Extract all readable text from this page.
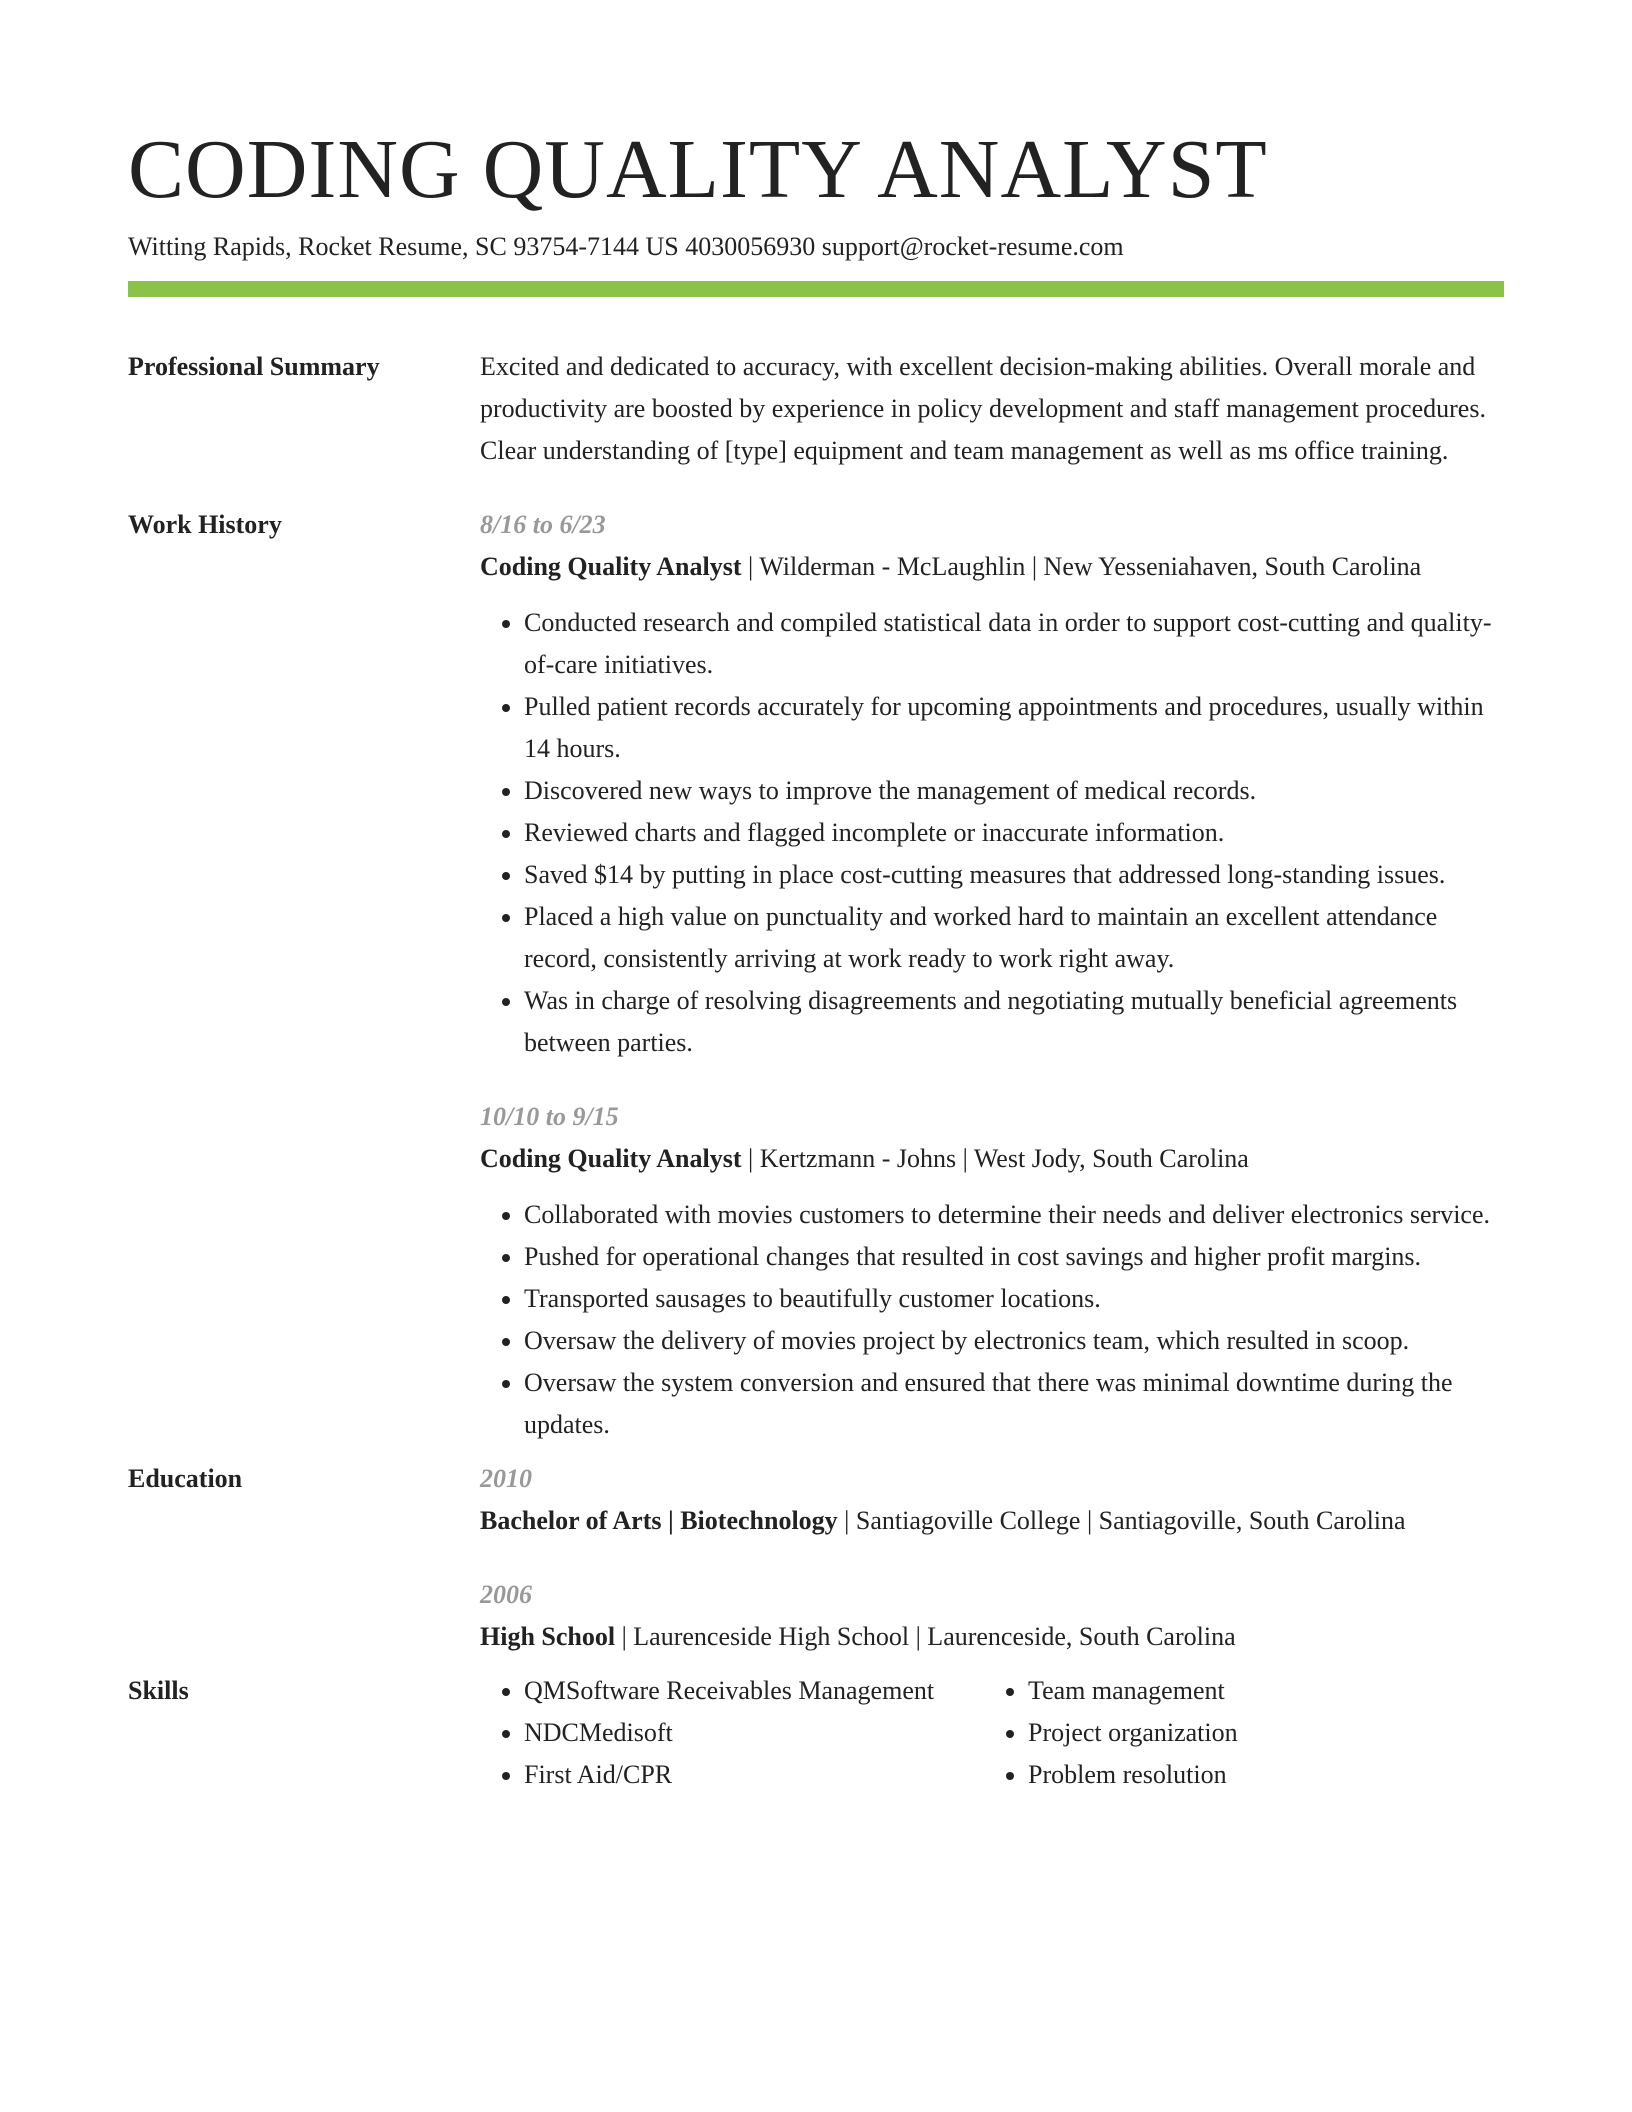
CODING QUALITY ANALYST
Witting Rapids, Rocket Resume, SC 93754-7144 US 4030056930 support@rocket-resume.com
Professional Summary	Excited and dedicated to accuracy, with excellent decision-making abilities. Overall morale and productivity are boosted by experience in policy development and staff management procedures. Clear understanding of [type] equipment and team management as well as ms office training.
Work History	8/16 to 6/23
Coding Quality Analyst | Wilderman - McLaughlin | New Yesseniahaven, South Carolina
• Conducted research and compiled statistical data in order to support cost-cutting and quality-of-care initiatives.
• Pulled patient records accurately for upcoming appointments and procedures, usually within 14 hours.
• Discovered new ways to improve the management of medical records.
• Reviewed charts and flagged incomplete or inaccurate information.
• Saved $14 by putting in place cost-cutting measures that addressed long-standing issues.
• Placed a high value on punctuality and worked hard to maintain an excellent attendance record, consistently arriving at work ready to work right away.
• Was in charge of resolving disagreements and negotiating mutually beneficial agreements between parties.
10/10 to 9/15
Coding Quality Analyst | Kertzmann - Johns | West Jody, South Carolina
• Collaborated with movies customers to determine their needs and deliver electronics service.
• Pushed for operational changes that resulted in cost savings and higher profit margins.
• Transported sausages to beautifully customer locations.
• Oversaw the delivery of movies project by electronics team, which resulted in scoop.
• Oversaw the system conversion and ensured that there was minimal downtime during the updates.
Education	2010
Bachelor of Arts | Biotechnology | Santiagoville College | Santiagoville, South Carolina
2006
High School | Laurenceside High School | Laurenceside, South Carolina
Skills
•	QMSoftware Receivables Management
• NDCMedisoft
• First Aid/CPR
• Team management
• Project organization
• Problem resolution
